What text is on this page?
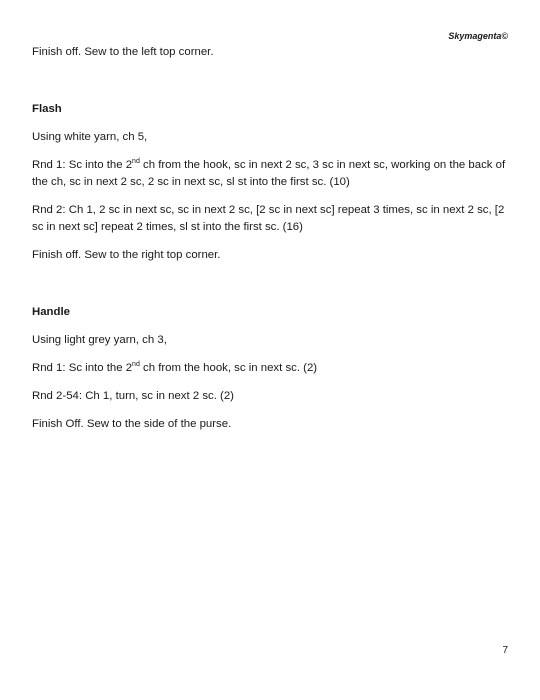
Skymagenta©

Finish off. Sew to the left top corner.

Flash

Using white yarn, ch 5,

Rnd 1: Sc into the 2nd ch from the hook, sc in next 2 sc, 3 sc in next sc, working on the back of the ch, sc in next 2 sc, 2 sc in next sc, sl st into the first sc. (10)

Rnd 2: Ch 1, 2 sc in next sc, sc in next 2 sc, [2 sc in next sc] repeat 3 times, sc in next 2 sc, [2 sc in next sc] repeat 2 times, sl st into the first sc. (16)

Finish off. Sew to the right top corner.

Handle

Using light grey yarn, ch 3,

Rnd 1: Sc into the 2nd ch from the hook, sc in next sc. (2)

Rnd 2-54: Ch 1, turn, sc in next 2 sc. (2)

Finish Off. Sew to the side of the purse.

7
